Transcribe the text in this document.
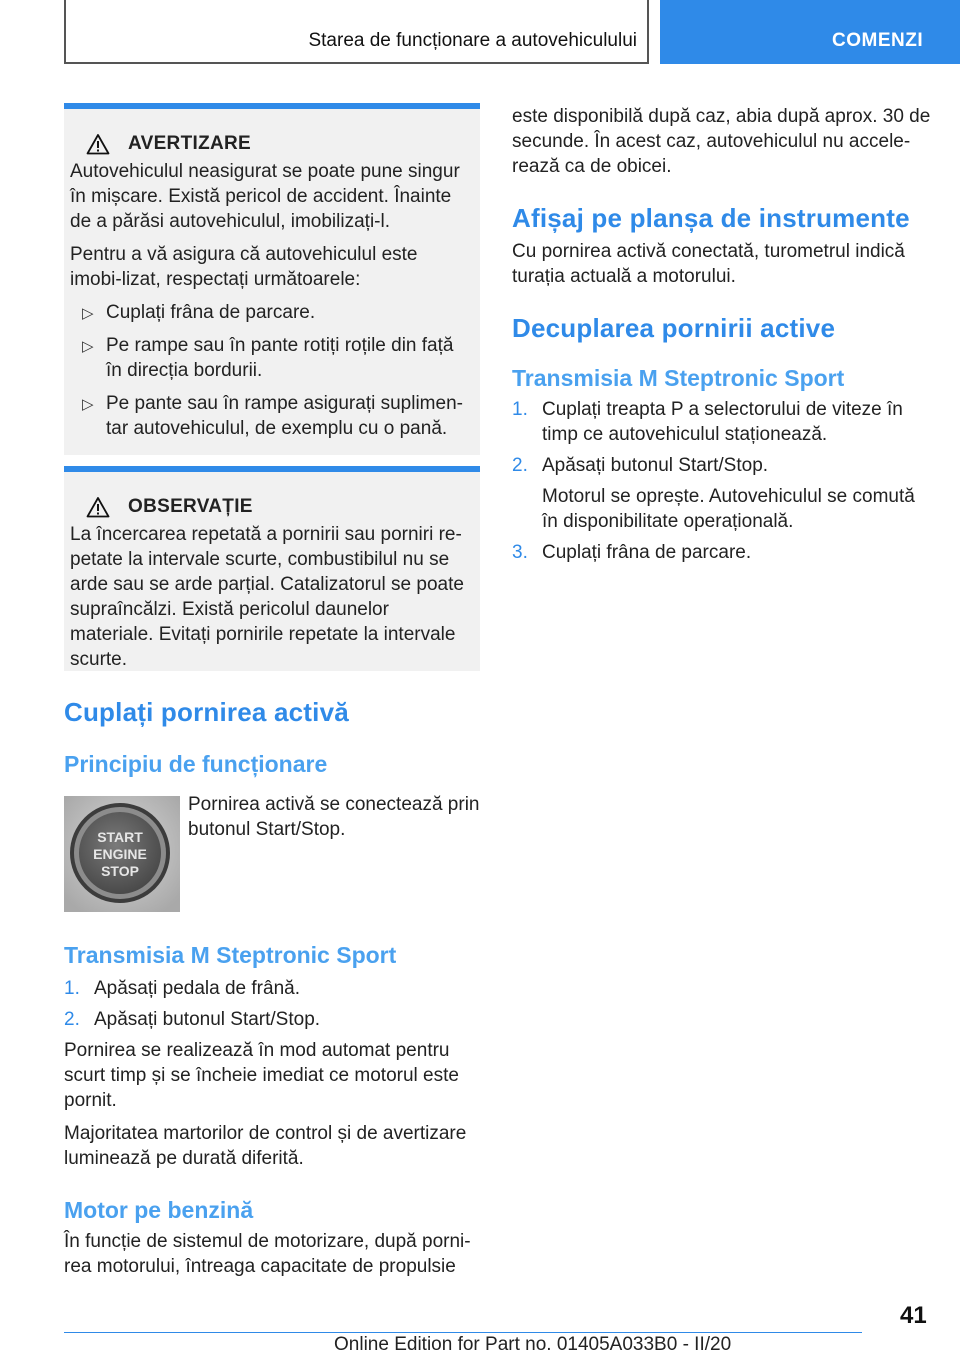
Starea de funcționare a autovehiculului	COMENZI
AVERTIZARE

Autovehiculul neasigurat se poate pune singur în mișcare. Există pericol de accident. Înainte de a părăsi autovehiculul, imobilizați-l.

Pentru a vă asigura că autovehiculul este imobi-lizat, respectați următoarele:

▷ Cuplați frâna de parcare.
▷ Pe rampe sau în pante rotiți roțile din față în direcția bordurii.
▷ Pe pante sau în rampe asigurați suplimen-tar autovehiculul, de exemplu cu o pană.
OBSERVAȚIE

La încercarea repetată a pornirii sau porniri re-petate la intervale scurte, combustibilul nu se arde sau se arde parțial. Catalizatorul se poate supraîncălzi. Există pericolul daunelor materiale. Evitați pornirile repetate la intervale scurte.

Cuplați pornirea activă
Principiu de funcționare

Pornirea activă se conectează prin butonul Start/Stop.

START
ENGINE
STOP
Transmisia M Steptronic Sport
1. Apăsați pedala de frână.
2. Apăsați butonul Start/Stop.

Pornirea se realizează în mod automat pentru scurt timp și se încheie imediat ce motorul este pornit.

Majoritatea martorilor de control și de avertizare luminează pe durată diferită.

Motor pe benzină

În funcție de sistemul de motorizare, după porni-rea motorului, întreaga capacitate de propulsie

este disponibilă după caz, abia după aprox. 30 de secunde. În acest caz, autovehiculul nu accele-rează ca de obicei.

Afișaj pe planșa de instrumente

Cu pornirea activă conectată, turometrul indică turația actuală a motorului.

Decuplarea pornirii active
Transmisia M Steptronic Sport
1. Cuplați treapta P a selectorului de viteze în timp ce autovehiculul staționează.
2. Apăsați butonul Start/Stop.

Motorul se oprește. Autovehiculul se comută în disponibilitate operațională.

3. Cuplați frâna de parcare.
41
Online Edition for Part no. 01405A033B0 - II/20
